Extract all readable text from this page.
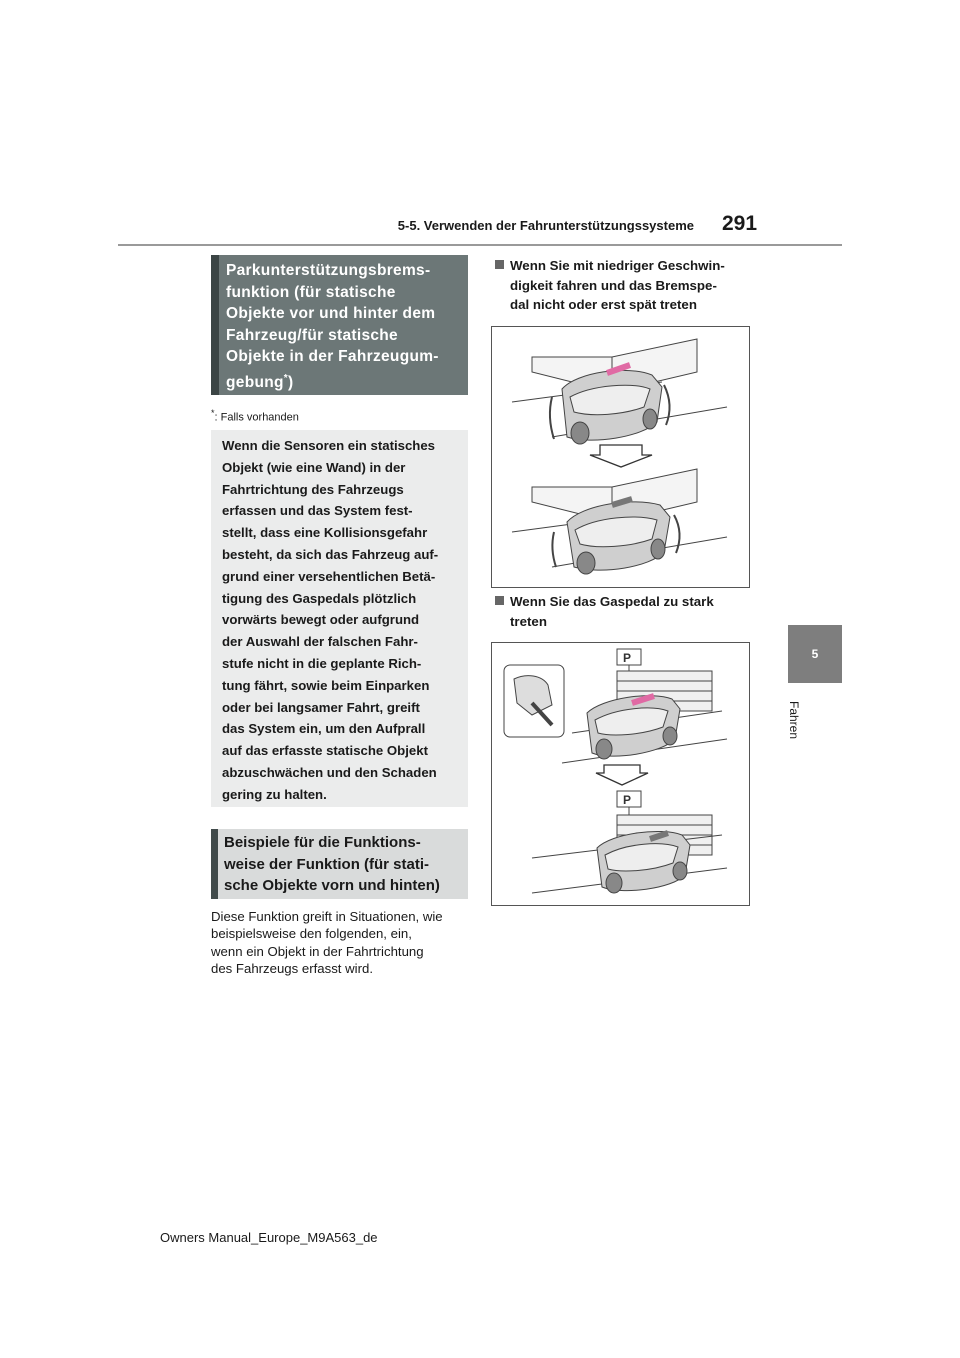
5-5. Verwenden der Fahrunterstützungssysteme 291
5
Fahren
Parkunterstützungsbrems-
funktion (für statische
Objekte vor und hinter dem
Fahrzeug/für statische
Objekte in der Fahrzeugum-
gebung*)
*: Falls vorhanden
Wenn die Sensoren ein statisches
Objekt (wie eine Wand) in der
Fahrtrichtung des Fahrzeugs
erfassen und das System fest-
stellt, dass eine Kollisionsgefahr
besteht, da sich das Fahrzeug auf-
grund einer versehentlichen Betä-
tigung des Gaspedals plötzlich
vorwärts bewegt oder aufgrund
der Auswahl der falschen Fahr-
stufe nicht in die geplante Rich-
tung fährt, sowie beim Einparken
oder bei langsamer Fahrt, greift
das System ein, um den Aufprall
auf das erfasste statische Objekt
abzuschwächen und den Schaden
gering zu halten.
Beispiele für die Funktions-
weise der Funktion (für stati-
sche Objekte vorn und hinten)
Diese Funktion greift in Situationen, wie
beispielsweise den folgenden, ein,
wenn ein Objekt in der Fahrtrichtung
des Fahrzeugs erfasst wird.
Wenn Sie mit niedriger Geschwin-
digkeit fahren und das Bremspe-
dal nicht oder erst spät treten
Wenn Sie das Gaspedal zu stark
treten
P
P
Owners Manual_Europe_M9A563_de
